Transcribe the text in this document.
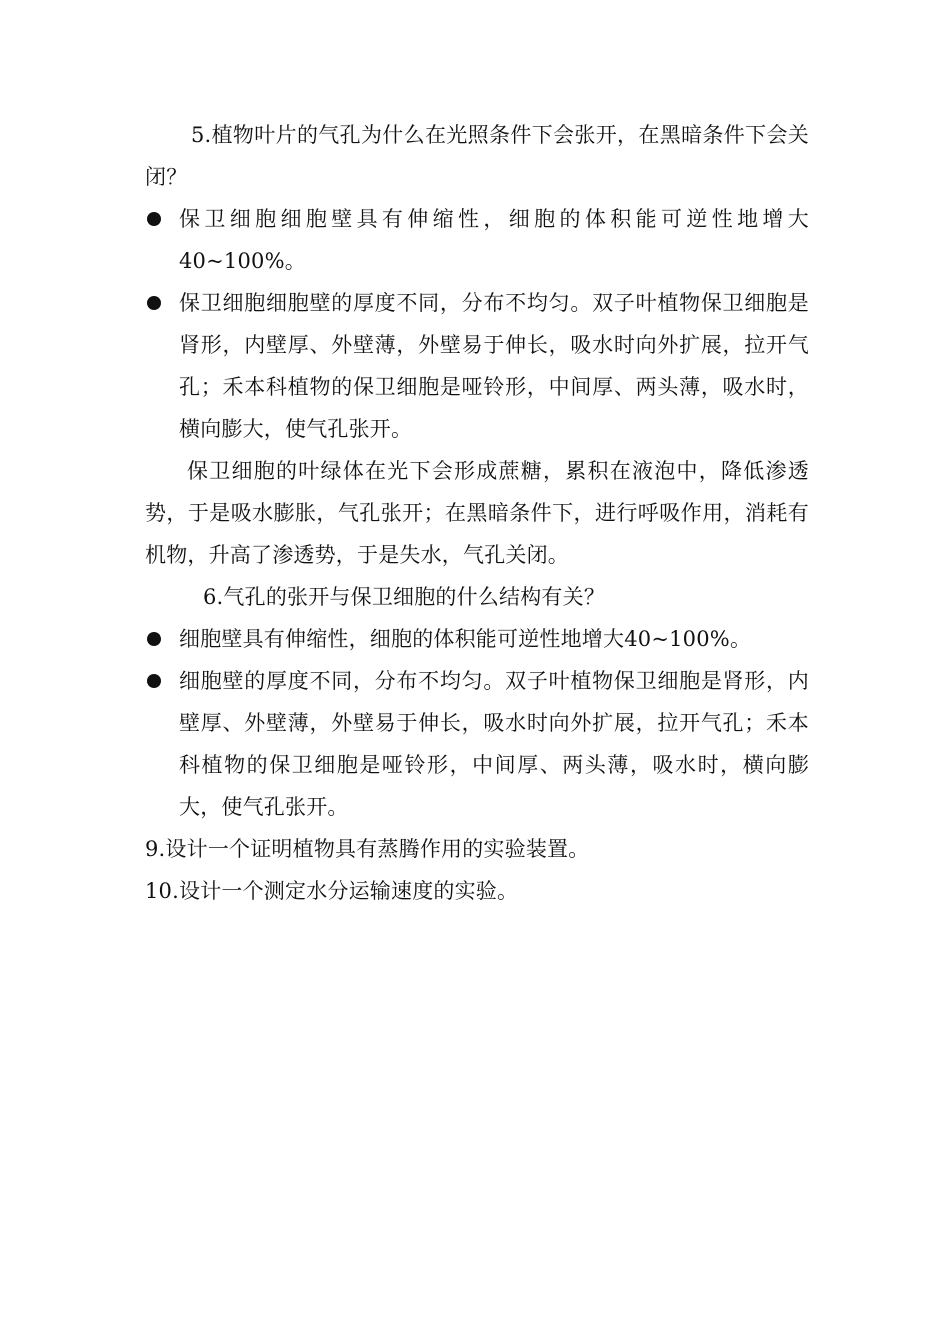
5.植物叶片的气孔为什么在光照条件下会张开，在黑暗条件下会关闭？

保卫细胞细胞壁具有伸缩性，细胞的体积能可逆性地增大40~100%。
保卫细胞细胞壁的厚度不同，分布不均匀。双子叶植物保卫细胞是肾形，内壁厚、外壁薄，外壁易于伸长，吸水时向外扩展，拉开气孔；禾本科植物的保卫细胞是哑铃形，中间厚、两头薄，吸水时，横向膨大，使气孔张开。

保卫细胞的叶绿体在光下会形成蔗糖，累积在液泡中，降低渗透势，于是吸水膨胀，气孔张开；在黑暗条件下，进行呼吸作用，消耗有机物，升高了渗透势，于是失水，气孔关闭。

6.气孔的张开与保卫细胞的什么结构有关？

细胞壁具有伸缩性，细胞的体积能可逆性地增大40~100%。
细胞壁的厚度不同，分布不均匀。双子叶植物保卫细胞是肾形，内壁厚、外壁薄，外壁易于伸长，吸水时向外扩展，拉开气孔；禾本科植物的保卫细胞是哑铃形，中间厚、两头薄，吸水时，横向膨大，使气孔张开。

9.设计一个证明植物具有蒸腾作用的实验装置。

10.设计一个测定水分运输速度的实验。
